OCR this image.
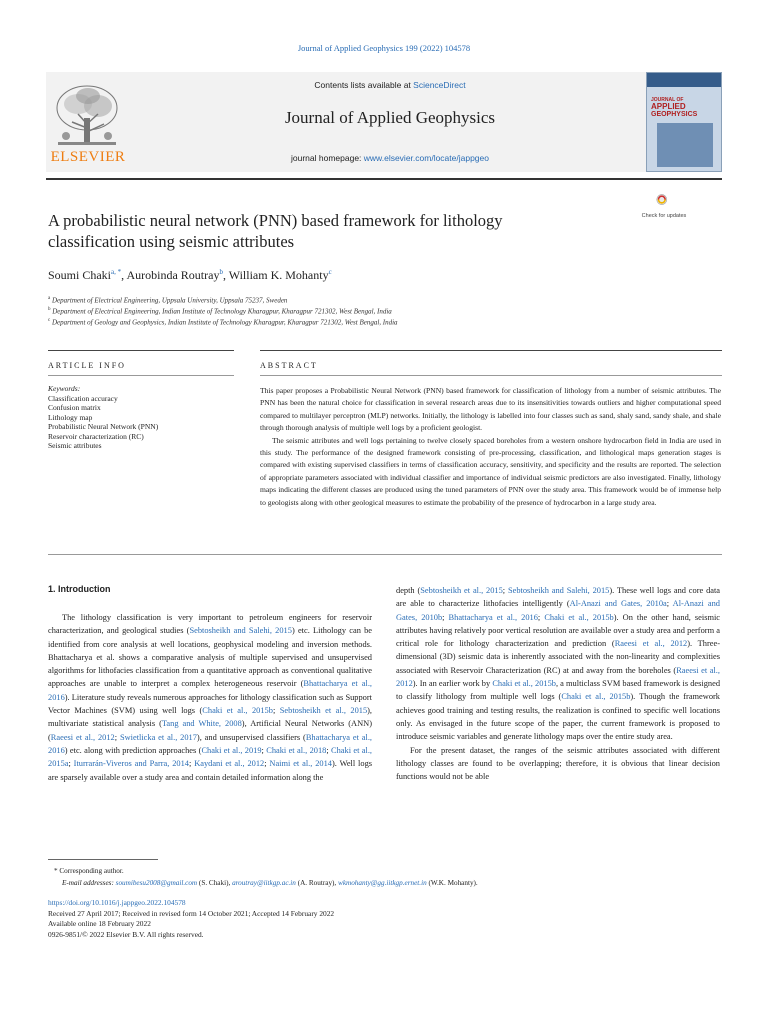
Journal of Applied Geophysics 199 (2022) 104578
ELSEVIER
Contents lists available at ScienceDirect
Journal of Applied Geophysics
journal homepage: www.elsevier.com/locate/jappgeo
JOURNAL OF
APPLIED
GEOPHYSICS
A probabilistic neural network (PNN) based framework for lithology
classification using seismic attributes
Check for updates
Soumi Chaki$^{a, *}$, Aurobinda Routray$^b$, William K. Mohanty$^c$
$^a$ Department of Electrical Engineering, Uppsala University, Uppsala 75237, Sweden
$^b$ Department of Electrical Engineering, Indian Institute of Technology Kharagpur, Kharagpur 721302, West Bengal, India
$^c$ Department of Geology and Geophysics, Indian Institute of Technology Kharagpur, Kharagpur 721302, West Bengal, India
ARTICLE INFO	ABSTRACT
Keywords:
Classification accuracy
Confusion matrix
Lithology map
Probabilistic Neural Network (PNN)
Reservoir characterization (RC)
Seismic attributes

This paper proposes a Probabilistic Neural Network (PNN) based framework for classification of lithology from a number of seismic attributes. The PNN has been the natural choice for classification in several research areas due to its insensitivities towards outliers and higher computational speed compared to multilayer perceptron (MLP) networks. Initially, the lithology is labelled into four classes such as sand, shaly sand, sandy shale, and shale through thorough analysis of multiple well logs by a proficient geologist.

The seismic attributes and well logs pertaining to twelve closely spaced boreholes from a western onshore hydrocarbon field in India are used in this study. The performance of the designed framework consisting of pre-processing, classification, and lithological maps generation stages is compared with existing supervised classifiers in terms of classification accuracy, sensitivity, and specificity and the results are reported. The selection of appropriate parameters associated with individual classifier and importance of individual seismic predictors are also investigated. Finally, lithology maps indicating the different classes are produced using the tuned parameters of PNN over the study area. This framework would be of immense help to geologists along with other geological measures to estimate the probability of the presence of hydrocarbon in a large study area.

1. Introduction

The lithology classification is very important to petroleum engineers for reservoir characterization, and geological studies (Sebtosheikh and Salehi, 2015) etc. Lithology can be identified from core analysis at well locations, geophysical modeling and inversion methods. Bhattacharya et al. shows a comparative analysis of multiple supervised and unsupervised algorithms for lithofacies classification from a quantitative approach as conventional qualitative approaches are unable to interpret a complex heterogeneous reservoir (Bhattacharya et al., 2016). Literature study reveals numerous approaches for lithology classification such as Support Vector Machines (SVM) using well logs (Chaki et al., 2015b; Sebtosheikh et al., 2015), multivariate statistical analysis (Tang and White, 2008), Artificial Neural Networks (ANN) (Raeesi et al., 2012; Swietlicka et al., 2017), and unsupervised classifiers (Bhattacharya et al., 2016) etc. along with prediction approaches (Chaki et al., 2019; Chaki et al., 2018; Chaki et al., 2015a; Iturrarán-Viveros and Parra, 2014; Kaydani et al., 2012; Naimi et al., 2014). Well logs are sparsely available over a study area and contain detailed information along the

depth (Sebtosheikh et al., 2015; Sebtosheikh and Salehi, 2015). These well logs and core data are able to characterize lithofacies intelligently (Al-Anazi and Gates, 2010a; Al-Anazi and Gates, 2010b; Bhattacharya et al., 2016; Chaki et al., 2015b). On the other hand, seismic attributes having relatively poor vertical resolution are available over a study area and perform a critical role for lithology characterization and prediction (Raeesi et al., 2012). Three-dimensional (3D) seismic data is inherently associated with the non-linearity and complexities associated with Reservoir Characterization (RC) at and away from the boreholes (Raeesi et al., 2012). In an earlier work by Chaki et al., 2015b, a multiclass SVM based framework is designed to classify lithology from multiple well logs (Chaki et al., 2015b). Though the framework achieves good training and testing results, the realization is confined to specific well locations only. As envisaged in the future scope of the paper, the current framework is proposed to introduce seismic variables and generate lithology maps over the entire study area.

For the present dataset, the ranges of the seismic attributes associated with different lithology classes are found to be overlapping; therefore, it is obvious that linear decision functions would not be able

* Corresponding author.
E-mail addresses: soumibesu2008@gmail.com (S. Chaki), aroutray@iitkgp.ac.in (A. Routray), wkmohanty@gg.iitkgp.ernet.in (W.K. Mohanty).
https://doi.org/10.1016/j.jappgeo.2022.104578
Received 27 April 2017; Received in revised form 14 October 2021; Accepted 14 February 2022
Available online 18 February 2022
0926-9851/© 2022 Elsevier B.V. All rights reserved.
